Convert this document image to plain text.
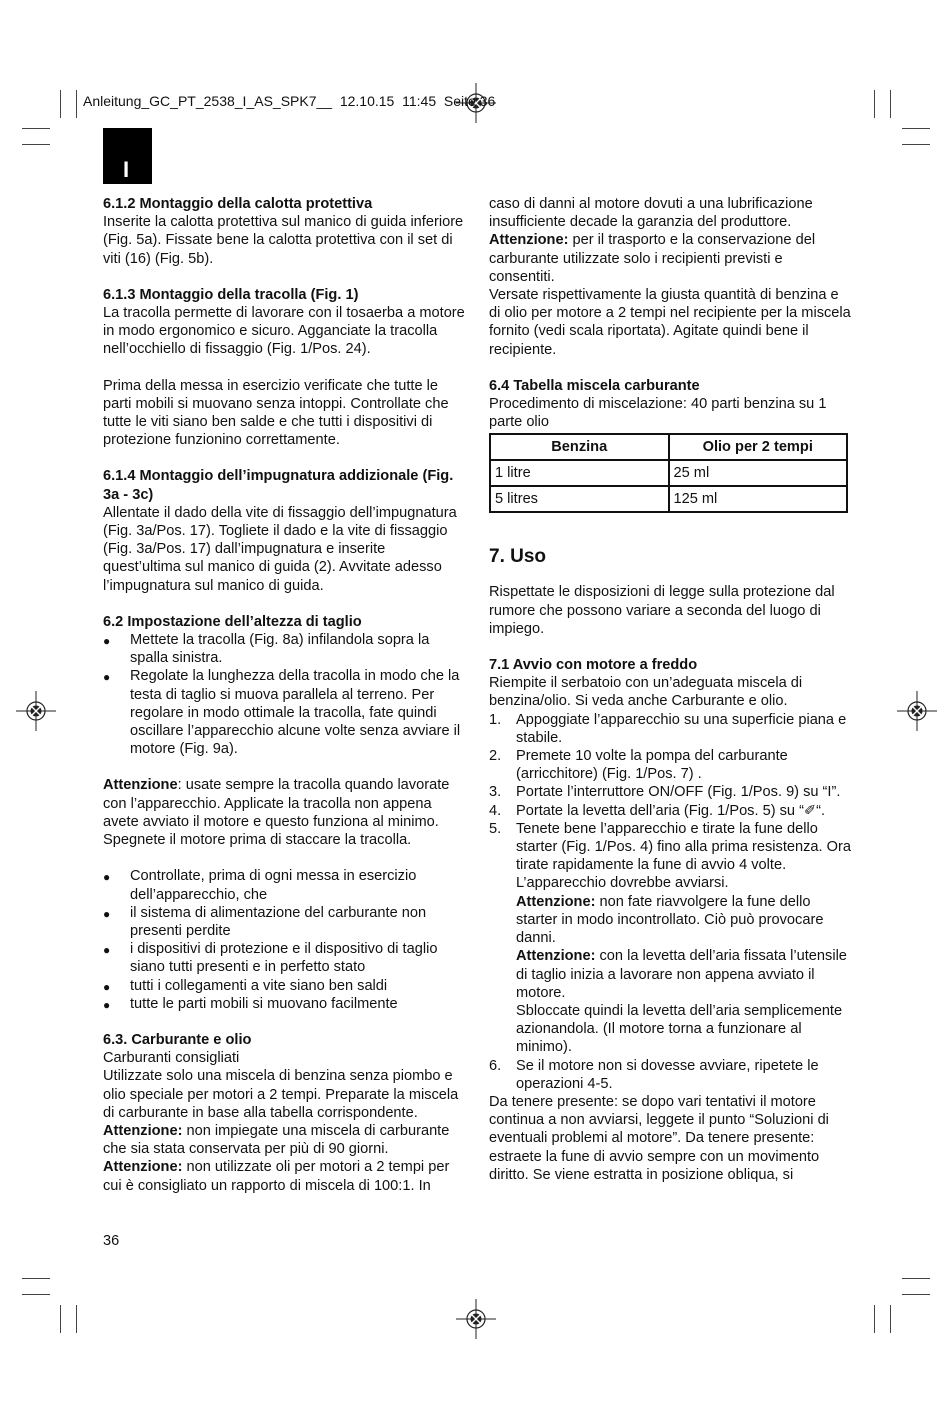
Anleitung_GC_PT_2538_I_AS_SPK7__  12.10.15  11:45  Seite 36
I

6.1.2 Montaggio della calotta protettiva

Inserite la calotta protettiva sul manico di guida inferiore (Fig. 5a). Fissate bene la calotta protettiva con il set di viti (16) (Fig. 5b).

6.1.3 Montaggio della tracolla (Fig. 1)

La tracolla permette di lavorare con il tosaerba a motore in modo ergonomico e sicuro. Agganciate la tracolla nell’occhiello di fissaggio (Fig. 1/Pos. 24).

Prima della messa in esercizio verificate che tutte le parti mobili si muovano senza intoppi. Controllate che tutte le viti siano ben salde e che tutti i dispositivi di protezione funzionino correttamente.

6.1.4 Montaggio dell’impugnatura addizionale (Fig. 3a - 3c)

Allentate il dado della vite di fissaggio dell’impugnatura (Fig. 3a/Pos. 17). Togliete il dado e la vite di fissaggio (Fig. 3a/Pos. 17) dall’impugnatura e inserite quest’ultima sul manico di guida (2). Avvitate adesso l’impugnatura sul manico di guida.

6.2 Impostazione dell’altezza di taglio

● Mettete la tracolla (Fig. 8a) infilandola sopra la spalla sinistra.
● Regolate la lunghezza della tracolla in modo che la testa di taglio si muova parallela al terreno. Per regolare in modo ottimale la tracolla, fate quindi oscillare l’apparecchio alcune volte senza avviare il motore (Fig. 9a).

Attenzione: usate sempre la tracolla quando lavorate con l’apparecchio. Applicate la tracolla non appena avete avviato il motore e questo funziona al minimo. Spegnete il motore prima di staccare la tracolla.

● Controllate, prima di ogni messa in esercizio dell’apparecchio, che
● il sistema di alimentazione del carburante non presenti perdite
● i dispositivi di protezione e il dispositivo di taglio siano tutti presenti e in perfetto stato
● tutti i collegamenti a vite siano ben saldi
● tutte le parti mobili si muovano facilmente

6.3. Carburante e olio

Carburanti consigliati

Utilizzate solo una miscela di benzina senza piombo e olio speciale per motori a 2 tempi. Preparate la miscela di carburante in base alla tabella corrispondente.

Attenzione: non impiegate una miscela di carburante che sia stata conservata per più di 90 giorni.

Attenzione: non utilizzate oli per motori a 2 tempi per cui è consigliato un rapporto di miscela di 100:1. In

36

caso di danni al motore dovuti a una lubrificazione insufficiente decade la garanzia del produttore.

Attenzione: per il trasporto e la conservazione del carburante utilizzate solo i recipienti previsti e consentiti.

Versate rispettivamente la giusta quantità di benzina e di olio per motore a 2 tempi nel recipiente per la miscela fornito (vedi scala riportata). Agitate quindi bene il recipiente.

6.4 Tabella miscela carburante

Procedimento di miscelazione: 40 parti benzina su 1 parte olio

Benzina	Olio per 2 tempi
1 litre	25 ml
5 litres	125 ml

7. Uso

Rispettate le disposizioni di legge sulla protezione dal rumore che possono variare a seconda del luogo di impiego.

7.1 Avvio con motore a freddo

Riempite il serbatoio con un’adeguata miscela di benzina/olio. Si veda anche Carburante e olio.

1. Appoggiate l’apparecchio su una superficie piana e stabile.
2. Premete 10 volte la pompa del carburante (arricchitore) (Fig. 1/Pos. 7) .
3. Portate l’interruttore ON/OFF (Fig. 1/Pos. 9) su “I”.
4. Portate la levetta dell’aria (Fig. 1/Pos. 5) su “✐“.
5. Tenete bene l’apparecchio e tirate la fune dello starter (Fig. 1/Pos. 4) fino alla prima resistenza. Ora tirate rapidamente la fune di avvio 4 volte. L’apparecchio dovrebbe avviarsi.

Attenzione: non fate riavvolgere la fune dello starter in modo incontrollato. Ciò può provocare danni.

Attenzione: con la levetta dell’aria fissata l’utensile di taglio inizia a lavorare non appena avviato il motore.

Sbloccate quindi la levetta dell’aria semplicemente azionandola. (Il motore torna a funzionare al minimo).

6. Se il motore non si dovesse avviare, ripetete le operazioni 4-5.

Da tenere presente: se dopo vari tentativi il motore continua a non avviarsi, leggete il punto “Soluzioni di eventuali problemi al motore”. Da tenere presente: estraete la fune di avvio sempre con un movimento diritto. Se viene estratta in posizione obliqua, si
